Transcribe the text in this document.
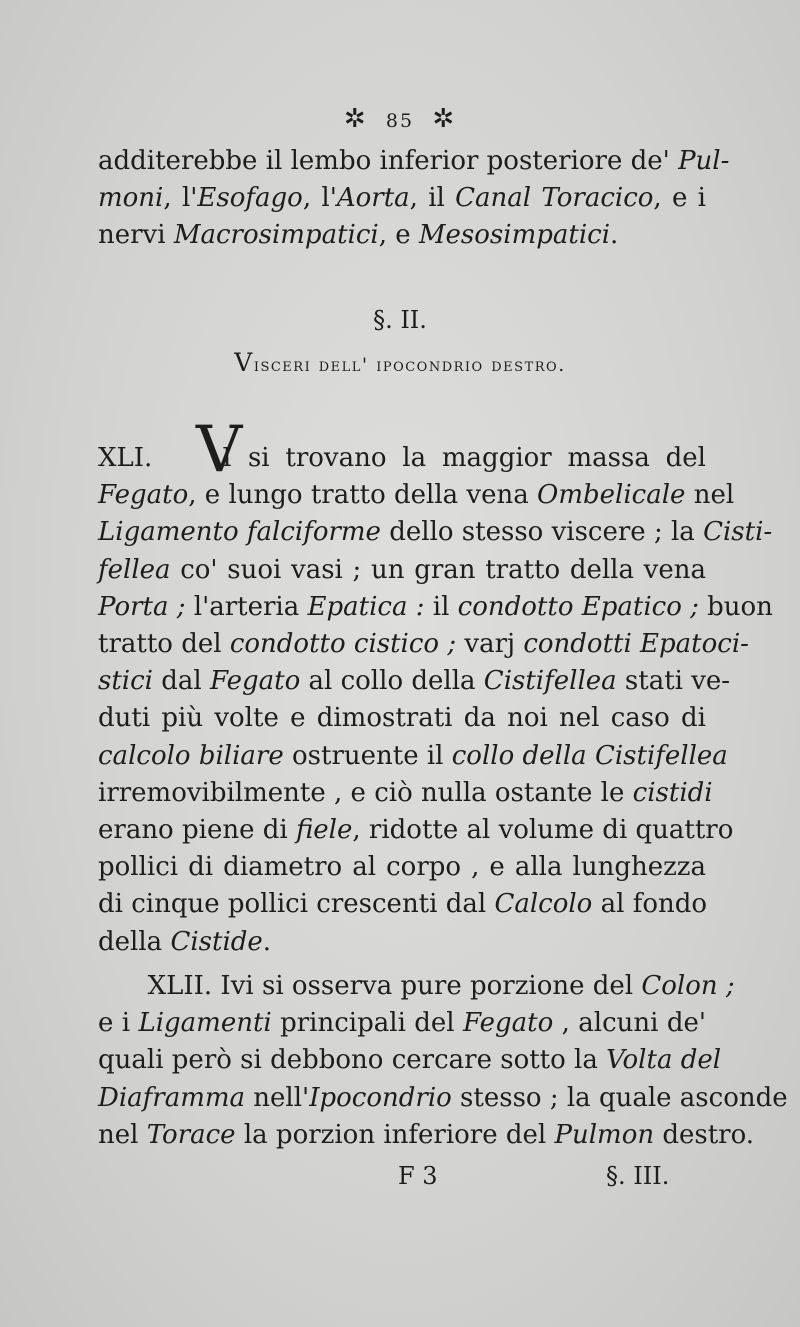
✲ 85 ✲
additerebbe il lembo inferior posteriore de' Pul-
moni, l'Esofago, l'Aorta, il Canal Toracico, e i
nervi Macrosimpatici, e Mesosimpatici.
§. II.
Visceri dell' ipocondrio destro.
V
XLI.  I si trovano la maggior massa del
Fegato, e lungo tratto della vena Ombelicale nel
Ligamento falciforme dello stesso viscere ; la Cisti-
fellea co' suoi vasi ; un gran tratto della vena
Porta ; l'arteria Epatica : il condotto Epatico ; buon
tratto del condotto cistico ; varj condotti Epatoci-
stici dal Fegato al collo della Cistifellea stati ve-
duti più volte e dimostrati da noi nel caso di
calcolo biliare ostruente il collo della Cistifellea
irremovibilmente , e ciò nulla ostante le cistidi
erano piene di fiele, ridotte al volume di quattro
pollici di diametro al corpo , e alla lunghezza
di cinque pollici crescenti dal Calcolo al fondo
della Cistide.
XLII. Ivi si osserva pure porzione del Colon ;
e i Ligamenti principali del Fegato , alcuni de'
quali però si debbono cercare sotto la Volta del
Diaframma nell'Ipocondrio stesso ; la quale asconde
nel Torace la porzion inferiore del Pulmon destro.
F 3	§. III.
